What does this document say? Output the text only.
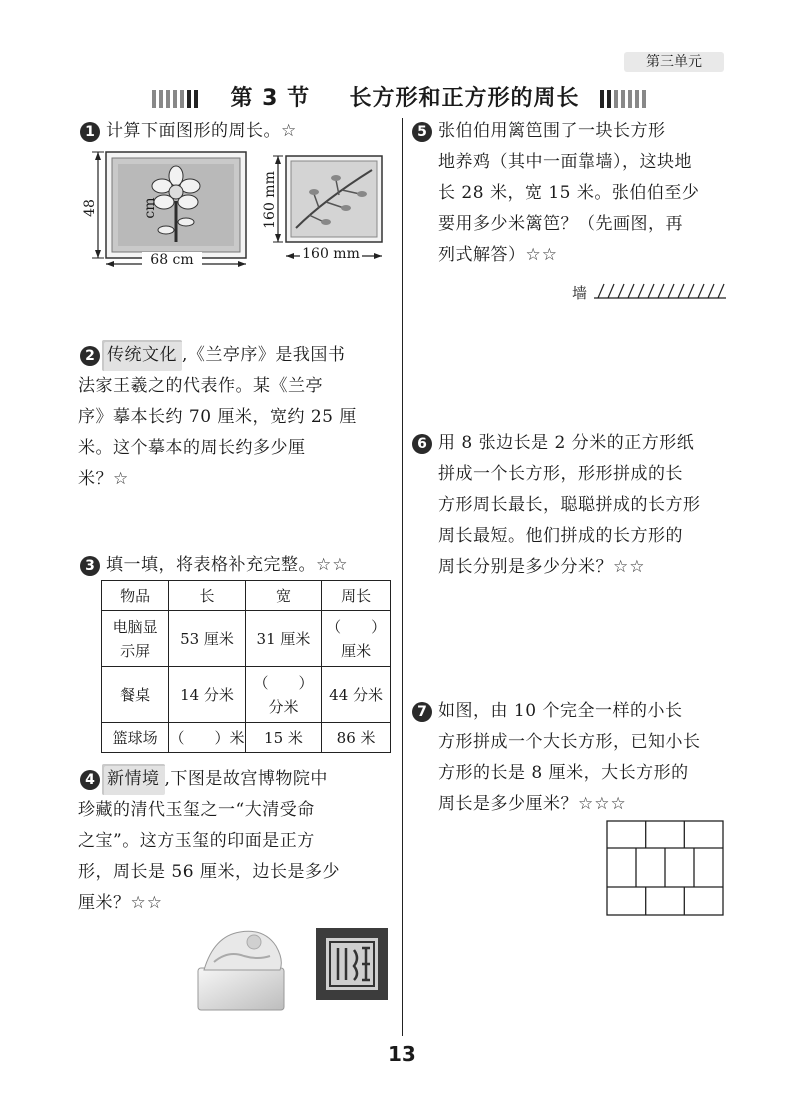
第三单元
第 3 节 长方形和正方形的周长
1 计算下面图形的周长。☆
48 cm
68 cm
160 mm
160 mm
2 传统文化 ,《兰亭序》是我国书
法家王羲之的代表作。某《兰亭
序》摹本长约 70 厘米，宽约 25 厘
米。这个摹本的周长约多少厘
米？☆
3 填一填，将表格补充完整。☆☆
物品	长	宽	周长

电脑显
示屏	53 厘米	31 厘米	（　　）
厘米

餐桌	14 分米	（　　）
分米	44 分米

篮球场	（　　）米	15 米	86 米
4 新情境 ,下图是故宫博物院中
珍藏的清代玉玺之一“大清受命
之宝”。这方玉玺的印面是正方
形，周长是 56 厘米，边长是多少
厘米？☆☆
5 张伯伯用篱笆围了一块长方形
地养鸡（其中一面靠墙），这块地
长 28 米，宽 15 米。张伯伯至少
要用多少米篱笆？（先画图，再
列式解答）☆☆
墙
6 用 8 张边长是 2 分米的正方形纸
拼成一个长方形，形形拼成的长
方形周长最长，聪聪拼成的长方形
周长最短。他们拼成的长方形的
周长分别是多少分米？☆☆
7 如图，由 10 个完全一样的小长
方形拼成一个大长方形，已知小长
方形的长是 8 厘米，大长方形的
周长是多少厘米？☆☆☆
13
